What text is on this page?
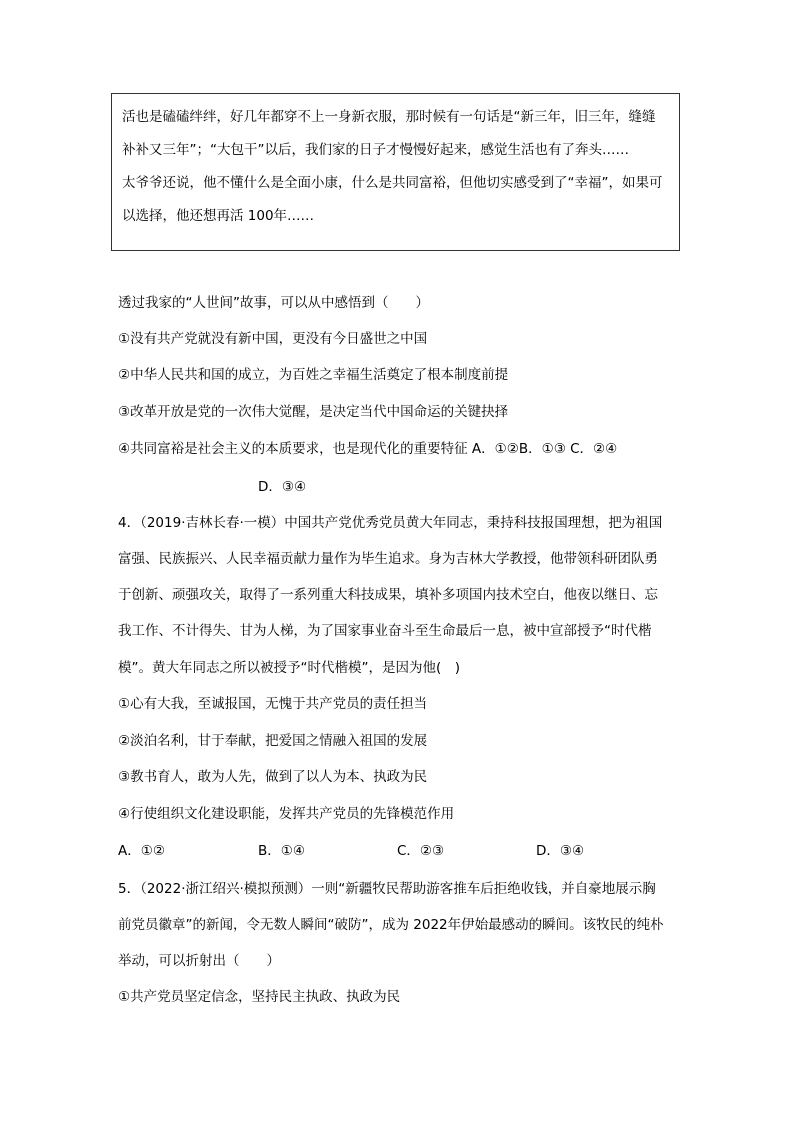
活也是磕磕绊绊，好几年都穿不上一身新衣服，那时候有一句话是“新三年，旧三年，缝缝
补补又三年”；“大包干”以后，我们家的日子才慢慢好起来，感觉生活也有了奔头……
太爷爷还说，他不懂什么是全面小康，什么是共同富裕，但他切实感受到了“幸福”，如果可
以选择，他还想再活 100年……
透过我家的“人世间”故事，可以从中感悟到（　　）
①没有共产党就没有新中国，更没有今日盛世之中国
②中华人民共和国的成立，为百姓之幸福生活奠定了根本制度前提
③改革开放是党的一次伟大觉醒，是决定当代中国命运的关键抉择
④共同富裕是社会主义的本质要求，也是现代化的重要特征 A．①②B．①③ C．②④
D．③④
4．（2019·吉林长春·一模）中国共产党优秀党员黄大年同志，秉持科技报国理想，把为祖国
富强、民族振兴、人民幸福贡献力量作为毕生追求。身为吉林大学教授，他带领科研团队勇
于创新、顽强攻关，取得了一系列重大科技成果，填补多项国内技术空白，他夜以继日、忘
我工作、不计得失、甘为人梯，为了国家事业奋斗至生命最后一息，被中宣部授予“时代楷
模”。黄大年同志之所以被授予“时代楷模”，是因为他(　)
①心有大我，至诚报国，无愧于共产党员的责任担当
②淡泊名利，甘于奉献，把爱国之情融入祖国的发展
③教书育人，敢为人先，做到了以人为本、执政为民
④行使组织文化建设职能，发挥共产党员的先锋模范作用
A．①②	B．①④	C．②③	D．③④
5．（2022·浙江绍兴·模拟预测）一则“新疆牧民帮助游客推车后拒绝收钱，并自豪地展示胸
前党员徽章”的新闻，令无数人瞬间“破防”，成为 2022年伊始最感动的瞬间。该牧民的纯朴
举动，可以折射出（　　）
①共产党员坚定信念，坚持民主执政、执政为民
